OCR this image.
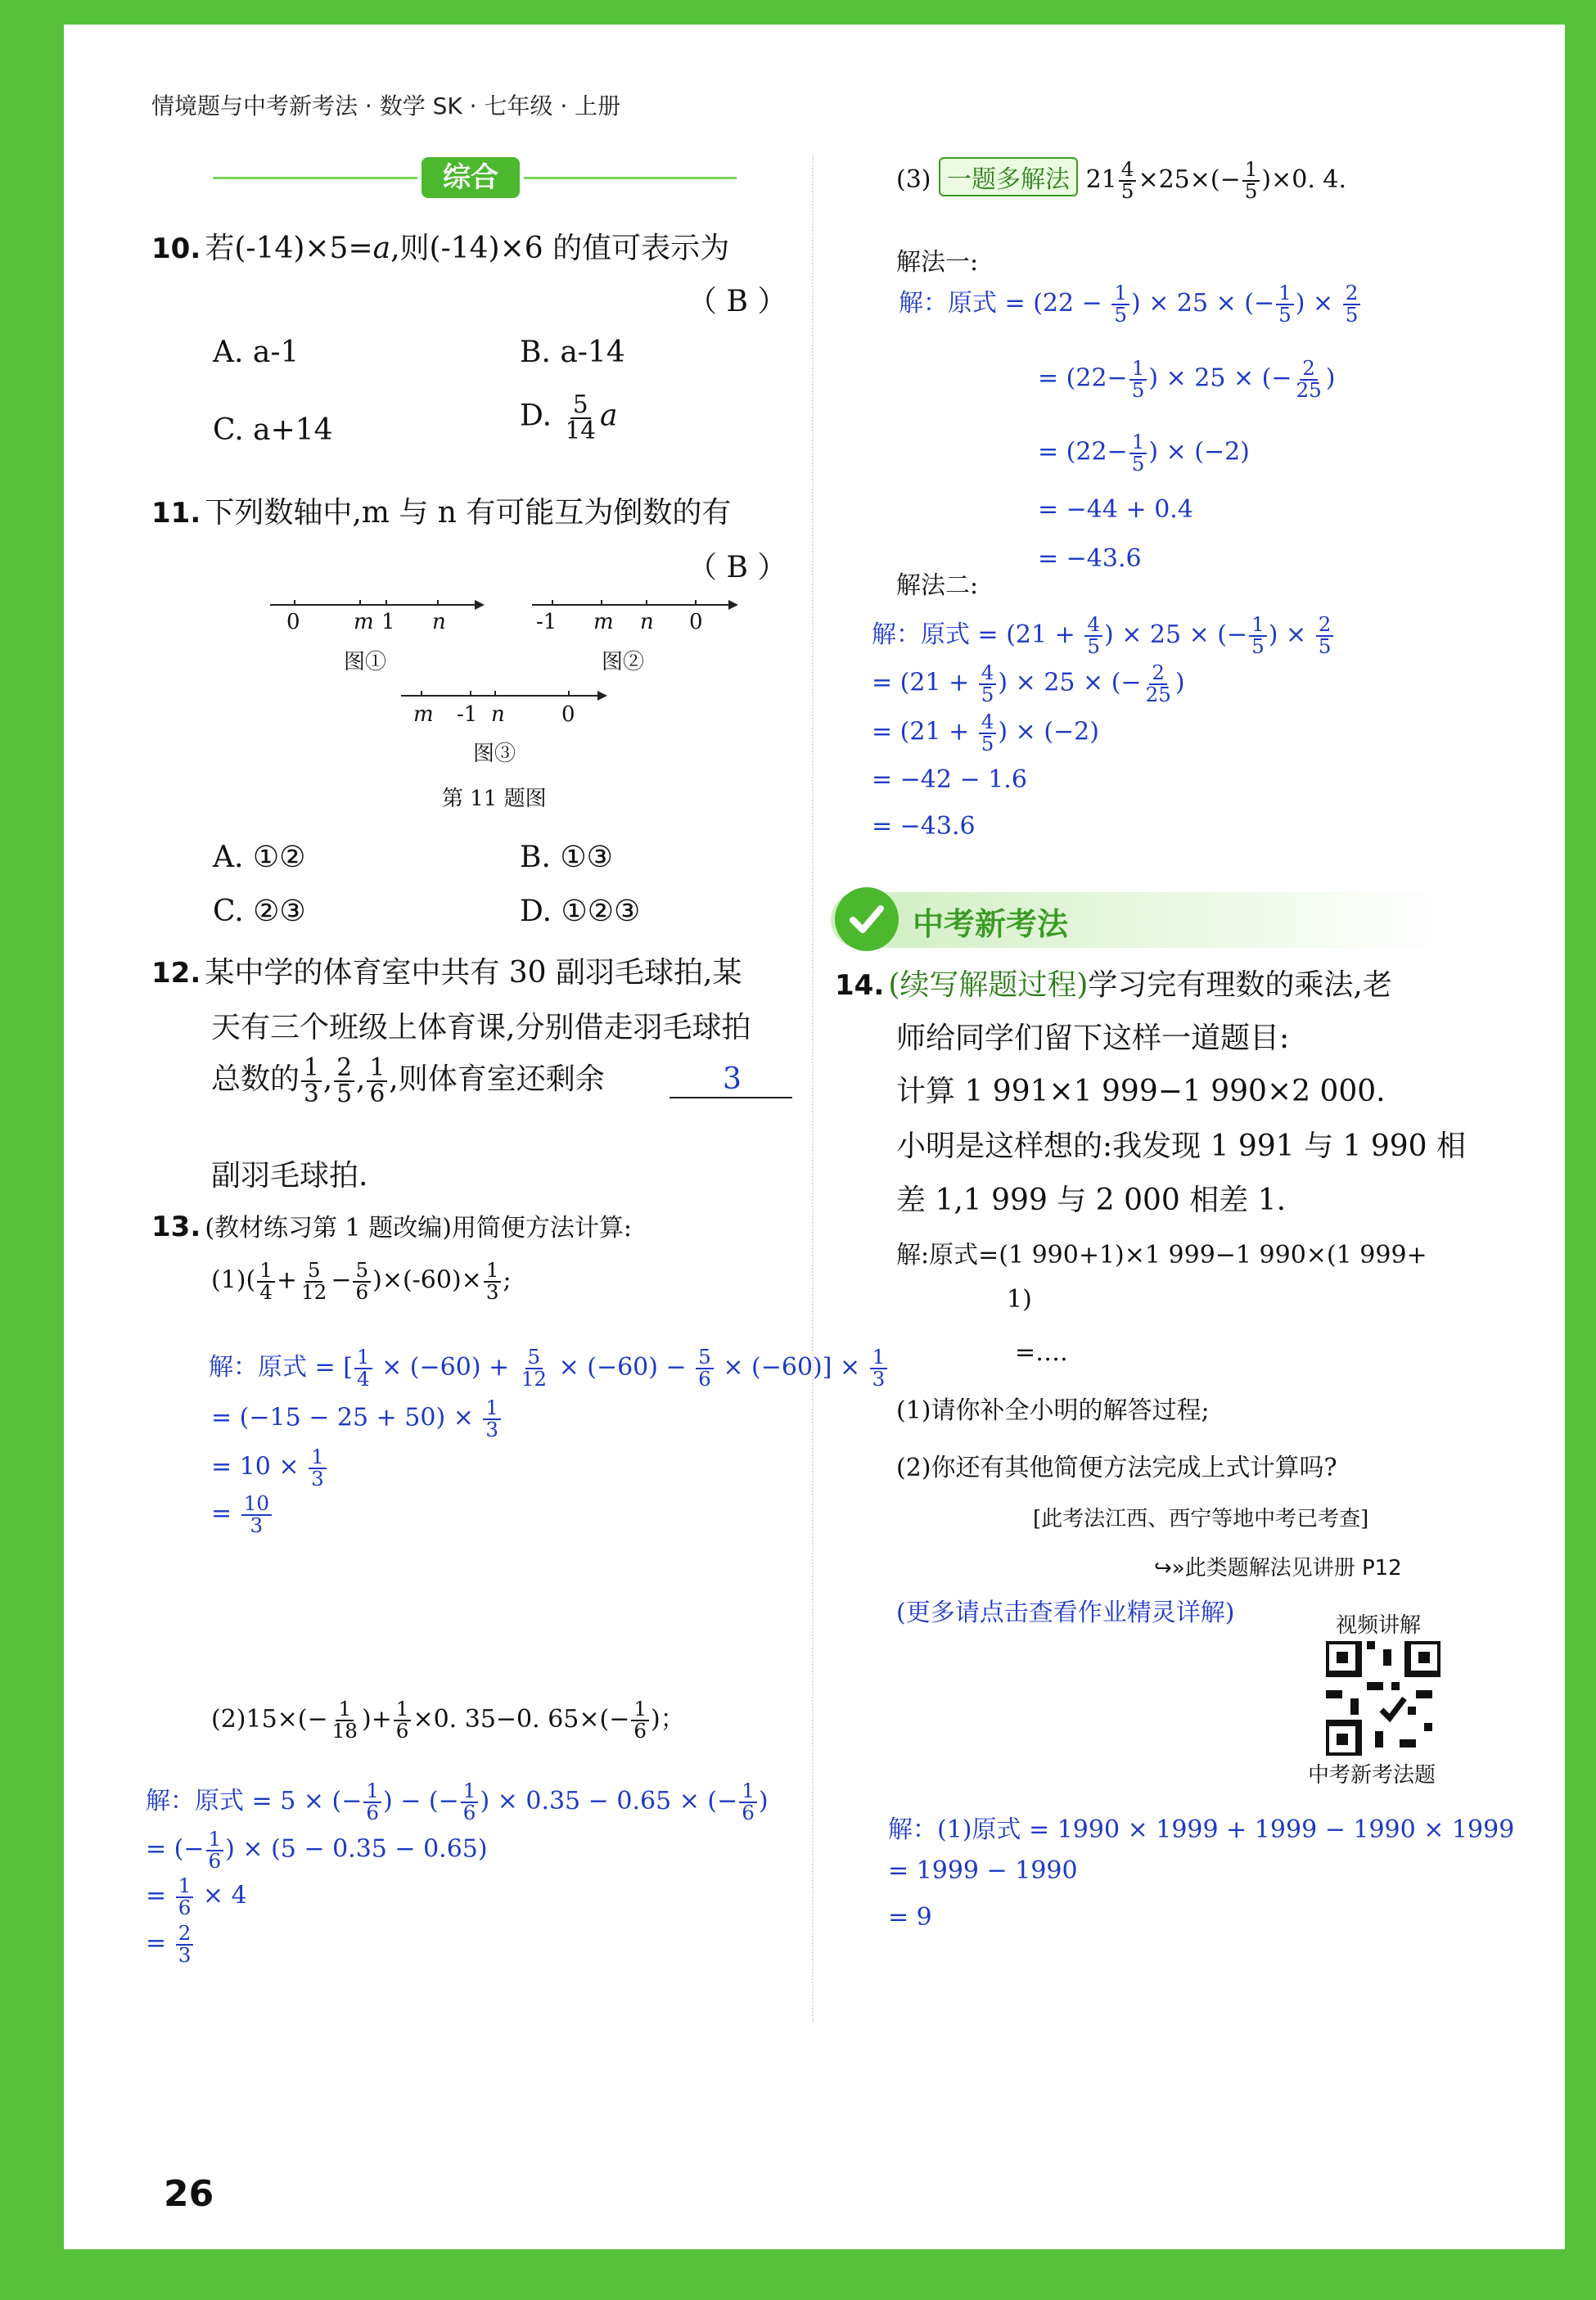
情境题与中考新考法 · 数学 SK · 七年级 · 上册
综合
10. 若(-14)×5=a,则(-14)×6 的值可表示为
（ B ）
A. a-1	B. a-14
C. a+14	D. $\frac{5}{14}$ a
11. 下列数轴中,m 与 n 有可能互为倒数的有
（ B ）
0	m 1 n
图①
-1 m n 0
图②
m -1 n	0
图③
第 11 题图
A. ①②	B. ①③
C. ②③	D. ①②③
12. 某中学的体育室中共有 30 副羽毛球拍,某
天有三个班级上体育课,分别借走羽毛球拍
总数的 $\frac{1}{3}$ , $\frac{2}{5}$ , $\frac{1}{6}$ ,则体育室还剩余	3
副羽毛球拍.
13. (教材练习第 1 题改编)用简便方法计算:
$(1)( \frac{1}{4} + \frac{5}{12} - \frac{5}{6} )\times(-60)\times \frac{1}{3}$ ;
解：原式 = [ $\frac{1}{4} \times (-60) + \frac{5}{12} \times (-60) - \frac{5}{6} \times (-60)] \times \frac{1}{3}$
= $(-15 - 25 + 50) \times \frac{1}{3}$
= $10 \times \frac{1}{3}$
= $\frac{10}{3}$
$(2)15\times(- \frac{1}{18}$ )+ $\frac{1}{6} \times 0$. 35−0. $65\times(- \frac{1}{6}$ )；
解：原式 = 5 × (− $\frac{1}{6}$ ) − (− $\frac{1}{6}$ ) × 0.35 − 0.65 × (− $\frac{1}{6}$ )
= (− $\frac{1}{6}$ ) × (5 − 0.35 − 0.65)
= $\frac{1}{6} \times 4$
= $\frac{2}{3}$
(3) 一题多解法 $21 \frac{4}{5} \times 25\times(- \frac{1}{5} )\times 0$. 4.
解法一:
解：原式 = ($22 - \frac{1}{5}$ ) × 25 × (− $\frac{1}{5}$ ) × $\frac{2}{5}$
= ($22- \frac{1}{5}$ ) × 25 × (− $\frac{2}{25}$ )
= ($22- \frac{1}{5}$ ) × (−2)
= −44 + 0.4
= −43.6
解法二:
解：原式 = ($21 + \frac{4}{5}$ ) × 25 × (− $\frac{1}{5}$ ) × $\frac{2}{5}$
= ($21 + \frac{4}{5}$ ) × 25 × (− $\frac{2}{25}$ )
= ($21 + \frac{4}{5}$ ) × (−2)
= −42 − 1.6
= −43.6
中考新考法
14. (续写解题过程)学习完有理数的乘法,老
师给同学们留下这样一道题目:
计算 1 991×1 999−1 990×2 000.
小明是这样想的:我发现 1 991 与 1 990 相
差 1,1 999 与 2 000 相差 1.
解:原式=(1 990+1)×1 999−1 990×(1 999+
1)
=….
(1)请你补全小明的解答过程;
(2)你还有其他简便方法完成上式计算吗?
[此考法江西、西宁等地中考已考查]
↪»此类题解法见讲册 P12
(更多请点击查看作业精灵详解)	视频讲解
中考新考法题
解：(1)原式 = 1990 × 1999 + 1999 − 1990 × 1999
= 1999 − 1990
= 9
26
